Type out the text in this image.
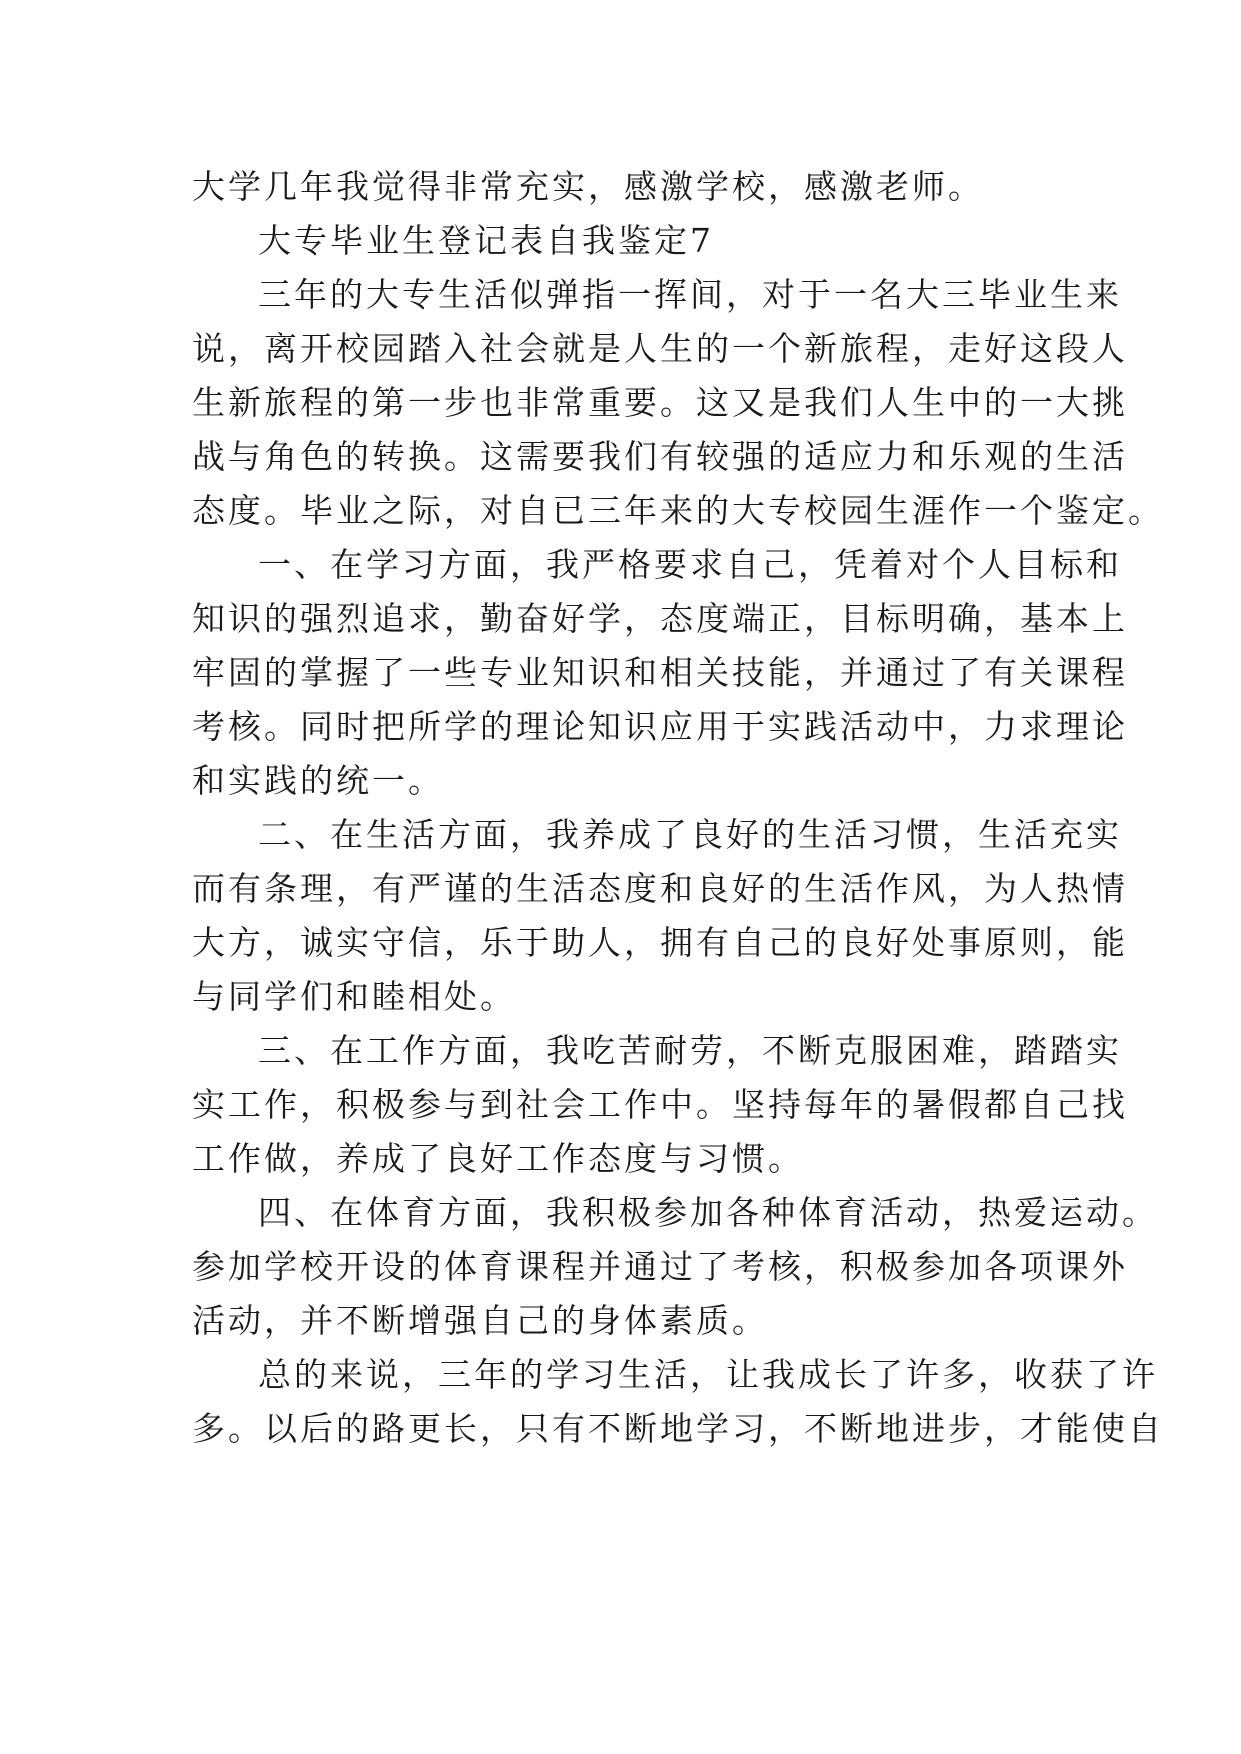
大学几年我觉得非常充实，感激学校，感激老师。
大专毕业生登记表自我鉴定7
三年的大专生活似弹指一挥间，对于一名大三毕业生来
说，离开校园踏入社会就是人生的一个新旅程，走好这段人
生新旅程的第一步也非常重要。这又是我们人生中的一大挑
战与角色的转换。这需要我们有较强的适应力和乐观的生活
态度。毕业之际，对自已三年来的大专校园生涯作一个鉴定。
一、在学习方面，我严格要求自己，凭着对个人目标和
知识的强烈追求，勤奋好学，态度端正，目标明确，基本上
牢固的掌握了一些专业知识和相关技能，并通过了有关课程
考核。同时把所学的理论知识应用于实践活动中，力求理论
和实践的统一。
二、在生活方面，我养成了良好的生活习惯，生活充实
而有条理，有严谨的生活态度和良好的生活作风，为人热情
大方，诚实守信，乐于助人，拥有自己的良好处事原则，能
与同学们和睦相处。
三、在工作方面，我吃苦耐劳，不断克服困难，踏踏实
实工作，积极参与到社会工作中。坚持每年的暑假都自己找
工作做，养成了良好工作态度与习惯。
四、在体育方面，我积极参加各种体育活动，热爱运动。
参加学校开设的体育课程并通过了考核，积极参加各项课外
活动，并不断增强自己的身体素质。
总的来说，三年的学习生活，让我成长了许多，收获了许
多。以后的路更长，只有不断地学习，不断地进步，才能使自
